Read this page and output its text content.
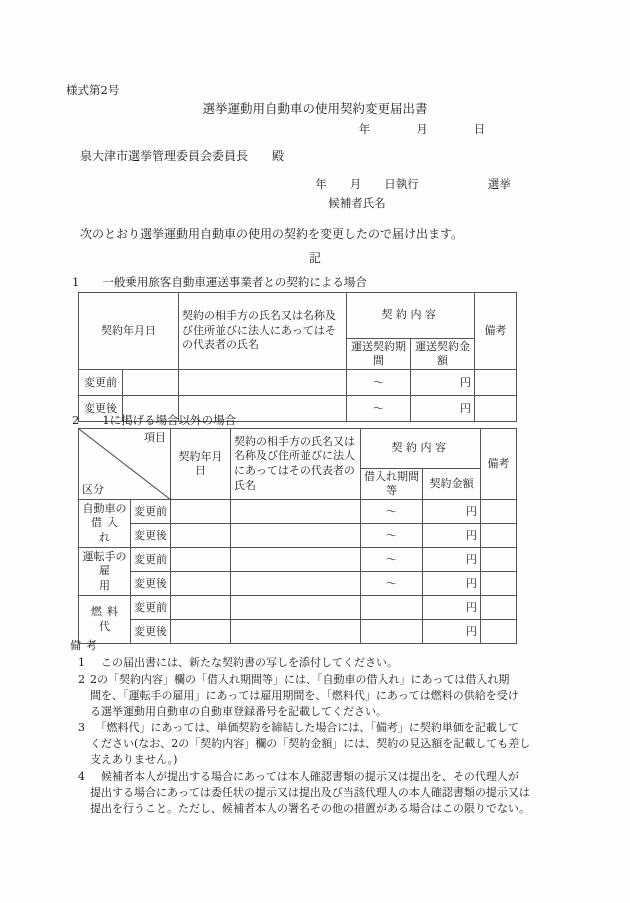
様式第2号
選挙運動用自動車の使用契約変更届出書
年　　　　月　　　　日
泉大津市選挙管理委員会委員長　　殿
年　　月　　日執行　　　　　　選挙
候補者氏名
次のとおり選挙運動用自動車の使用の契約を変更したので届け出ます。
記
1　　一般乗用旅客自動車運送事業者との契約による場合
契約年月日		契約の相手方の氏名又は名称及び住所並びに法人にあってはその代表者の氏名	契約内容		備考
			運送契約期間	運送契約金額	
変更前			～	円	
変更後			～	円	
2　　1に掲げる場合以外の場合
項目
区分		契約年月日	契約の相手方の氏名又は名称及び住所並びに法人にあってはその代表者の氏名	契約内容		備考
				借入れ期間等	契約金額	

自動車の
借入れ	変更前			～	円	
	変更後			～	円	

運転手の
雇用	変更前			～	円	
	変更後			～	円	

燃料代	変更前				円	
	変更後				円	
備考
1 　この届出書には、新たな契約書の写しを添付してください。
2 2の「契約内容」欄の「借入れ期間等」には、「自動車の借入れ」にあっては借入れ期
間を、「運転手の雇用」にあっては雇用期間を、「燃料代」にあっては燃料の供給を受け
る選挙運動用自動車の自動車登録番号を記載してください。
3 　「燃料代」にあっては、単価契約を締結した場合には、「備考」に契約単価を記載して
ください(なお、2の「契約内容」欄の「契約金額」には、契約の見込額を記載しても差し
支えありません。)
4 　候補者本人が提出する場合にあっては本人確認書類の提示又は提出を、その代理人が
提出する場合にあっては委任状の提示又は提出及び当該代理人の本人確認書類の提示又は
提出を行うこと。ただし、候補者本人の署名その他の措置がある場合はこの限りでない。
